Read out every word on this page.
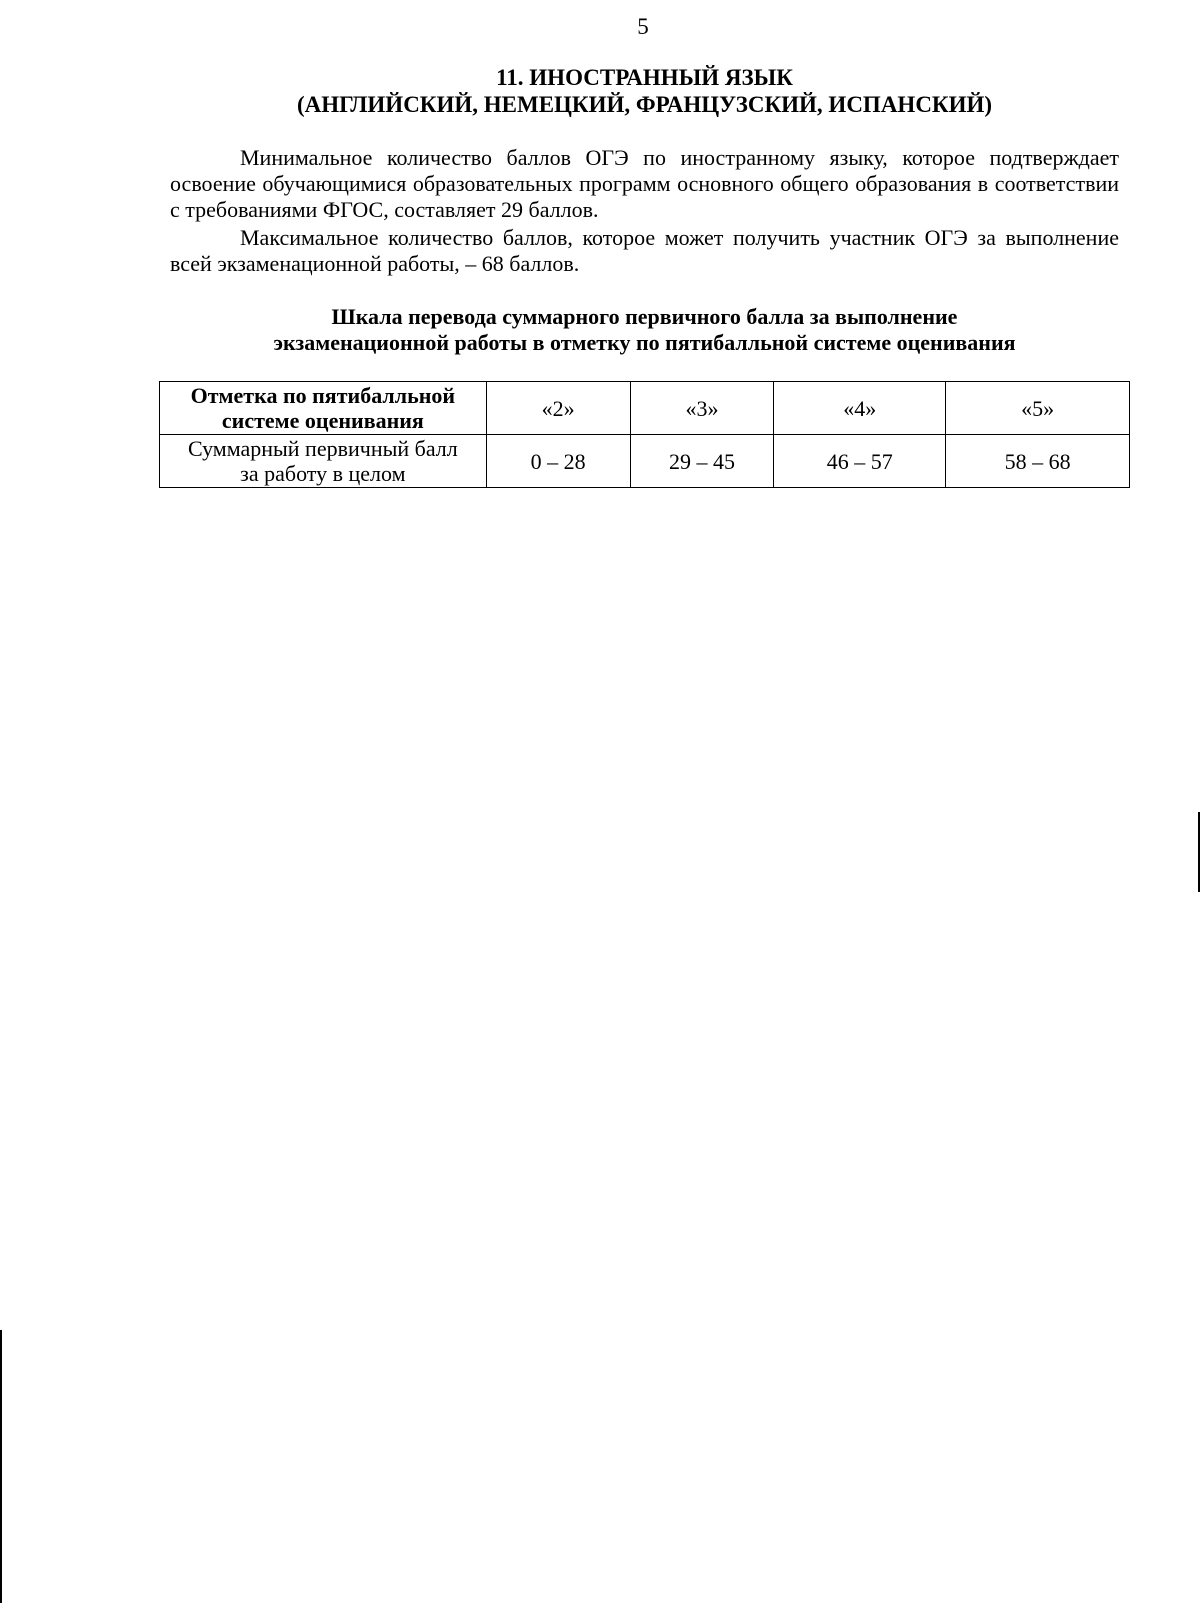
5
11. ИНОСТРАННЫЙ ЯЗЫК
(АНГЛИЙСКИЙ, НЕМЕЦКИЙ, ФРАНЦУЗСКИЙ, ИСПАНСКИЙ)

Минимальное количество баллов ОГЭ по иностранному языку, которое подтверждает освоение обучающимися образовательных программ основного общего образования в соответствии с требованиями ФГОС, составляет 29 баллов.

Максимальное количество баллов, которое может получить участник ОГЭ за выполнение всей экзаменационной работы, – 68 баллов.

Шкала перевода суммарного первичного балла за выполнение
экзаменационной работы в отметку по пятибалльной системе оценивания
Отметка по пятибалльной
системе оценивания	«2»	«3»	«4»	«5»

Суммарный первичный балл
за работу в целом	0 – 28	29 – 45	46 – 57	58 – 68
